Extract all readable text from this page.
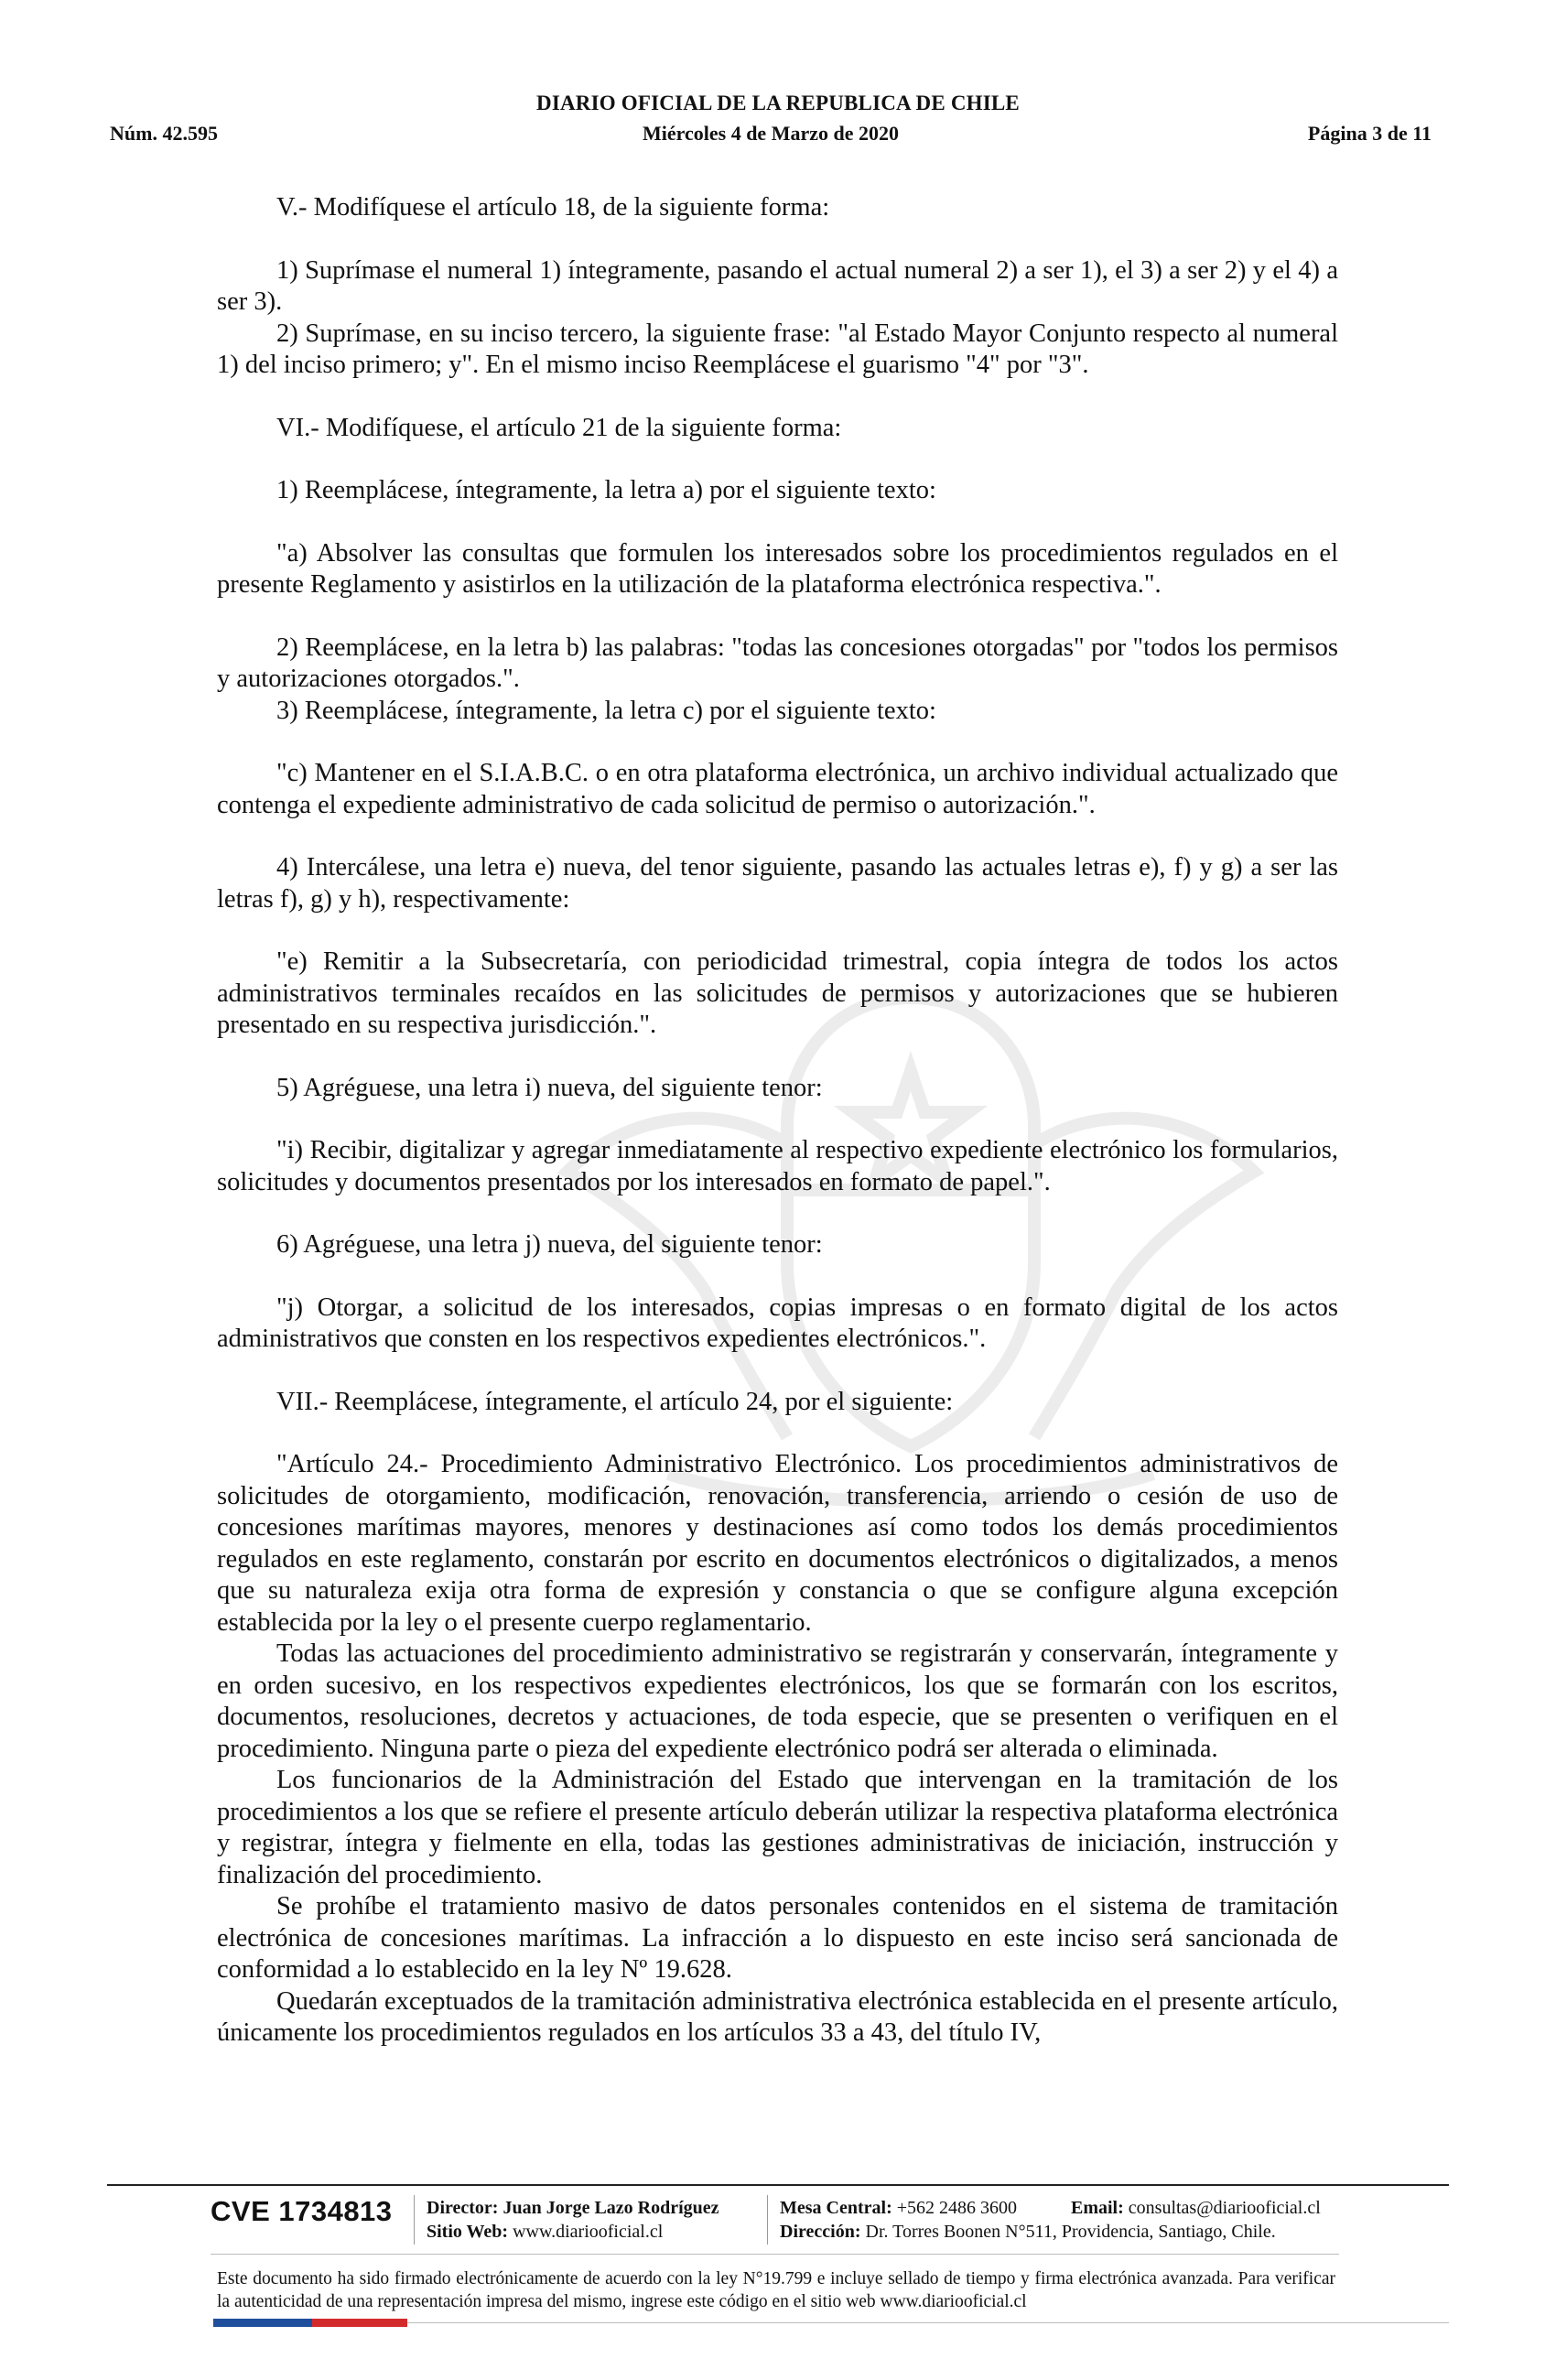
DIARIO OFICIAL DE LA REPUBLICA DE CHILE
Núm. 42.595	Miércoles 4 de Marzo de 2020	Página 3 de 11

V.- Modifíquese el artículo 18, de la siguiente forma:

1) Suprímase el numeral 1) íntegramente, pasando el actual numeral 2) a ser 1), el 3) a ser 2) y el 4) a ser 3).

2) Suprímase, en su inciso tercero, la siguiente frase: "al Estado Mayor Conjunto respecto al numeral 1) del inciso primero; y". En el mismo inciso Reemplácese el guarismo "4" por "3".

VI.- Modifíquese, el artículo 21 de la siguiente forma:

1) Reemplácese, íntegramente, la letra a) por el siguiente texto:

"a) Absolver las consultas que formulen los interesados sobre los procedimientos regulados en el presente Reglamento y asistirlos en la utilización de la plataforma electrónica respectiva.".

2) Reemplácese, en la letra b) las palabras: "todas las concesiones otorgadas" por "todos los permisos y autorizaciones otorgados.".

3) Reemplácese, íntegramente, la letra c) por el siguiente texto:

"c) Mantener en el S.I.A.B.C. o en otra plataforma electrónica, un archivo individual actualizado que contenga el expediente administrativo de cada solicitud de permiso o autorización.".

4) Intercálese, una letra e) nueva, del tenor siguiente, pasando las actuales letras e), f) y g) a ser las letras f), g) y h), respectivamente:

"e) Remitir a la Subsecretaría, con periodicidad trimestral, copia íntegra de todos los actos administrativos terminales recaídos en las solicitudes de permisos y autorizaciones que se hubieren presentado en su respectiva jurisdicción.".

5) Agréguese, una letra i) nueva, del siguiente tenor:

"i) Recibir, digitalizar y agregar inmediatamente al respectivo expediente electrónico los formularios, solicitudes y documentos presentados por los interesados en formato de papel.".

6) Agréguese, una letra j) nueva, del siguiente tenor:

"j) Otorgar, a solicitud de los interesados, copias impresas o en formato digital de los actos administrativos que consten en los respectivos expedientes electrónicos.".

VII.- Reemplácese, íntegramente, el artículo 24, por el siguiente:

"Artículo 24.- Procedimiento Administrativo Electrónico. Los procedimientos administrativos de solicitudes de otorgamiento, modificación, renovación, transferencia, arriendo o cesión de uso de concesiones marítimas mayores, menores y destinaciones así como todos los demás procedimientos regulados en este reglamento, constarán por escrito en documentos electrónicos o digitalizados, a menos que su naturaleza exija otra forma de expresión y constancia o que se configure alguna excepción establecida por la ley o el presente cuerpo reglamentario.

Todas las actuaciones del procedimiento administrativo se registrarán y conservarán, íntegramente y en orden sucesivo, en los respectivos expedientes electrónicos, los que se formarán con los escritos, documentos, resoluciones, decretos y actuaciones, de toda especie, que se presenten o verifiquen en el procedimiento. Ninguna parte o pieza del expediente electrónico podrá ser alterada o eliminada.

Los funcionarios de la Administración del Estado que intervengan en la tramitación de los procedimientos a los que se refiere el presente artículo deberán utilizar la respectiva plataforma electrónica y registrar, íntegra y fielmente en ella, todas las gestiones administrativas de iniciación, instrucción y finalización del procedimiento.

Se prohíbe el tratamiento masivo de datos personales contenidos en el sistema de tramitación electrónica de concesiones marítimas. La infracción a lo dispuesto en este inciso será sancionada de conformidad a lo establecido en la ley Nº 19.628.

Quedarán exceptuados de la tramitación administrativa electrónica establecida en el presente artículo, únicamente los procedimientos regulados en los artículos 33 a 43, del título IV,

CVE 1734813 Director: Juan Jorge Lazo Rodríguez
Sitio Web: www.diariooficial.cl
Mesa Central: +562 2486 3600	Email: consultas@diariooficial.cl
Dirección: Dr. Torres Boonen N°511, Providencia, Santiago, Chile.
Este documento ha sido firmado electrónicamente de acuerdo con la ley N°19.799 e incluye sellado de tiempo y firma electrónica avanzada. Para verificar la autenticidad de una representación impresa del mismo, ingrese este código en el sitio web www.diariooficial.cl
